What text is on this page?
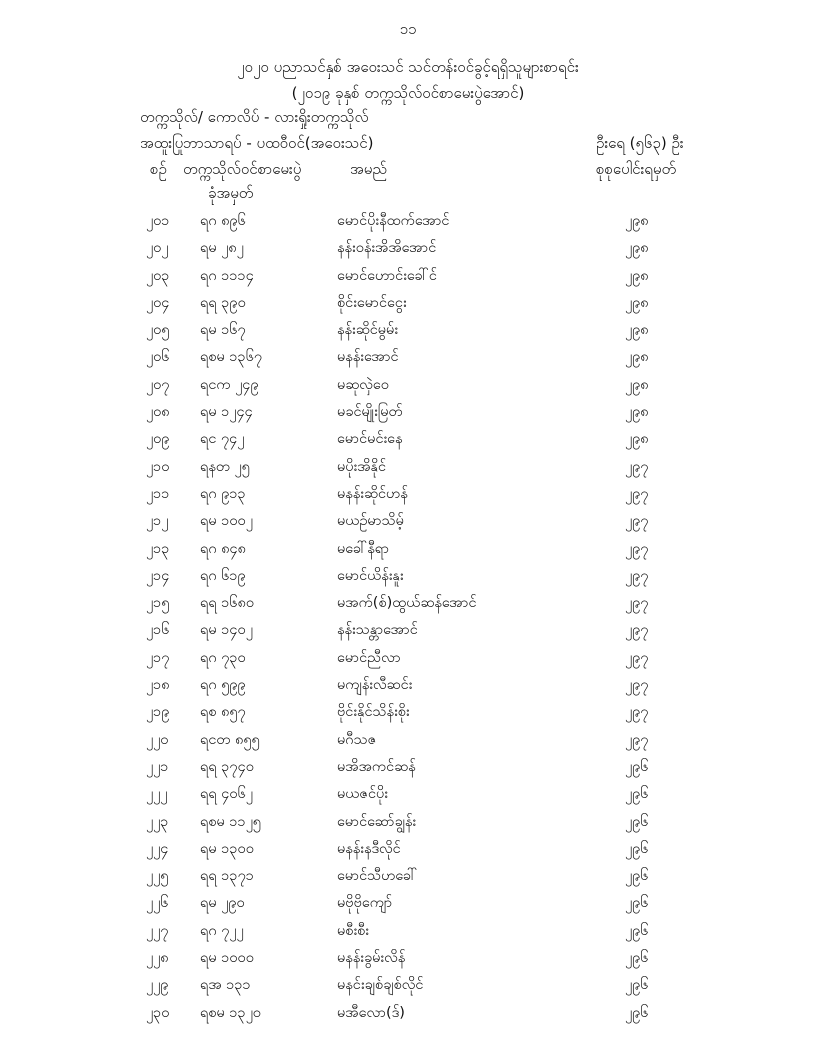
၁၁
၂၀၂၀ ပညာသင်နှစ် အဝေးသင် သင်တန်းဝင်ခွင့်ရရှိသူများစာရင်း
(၂၀၁၉ ခုနှစ် တက္ကသိုလ်ဝင်စာမေးပွဲအောင်)
တက္ကသိုလ်/ ကောလိပ် - လားရှိုးတက္ကသိုလ်
အထူးပြုဘာသာရပ် - ပထဝီဝင်(အဝေးသင်)	ဦးရေ (၅၆၃) ဦး
စဉ် တက္ကသိုလ်ဝင်စာမေးပွဲ
ခုံအမှတ်
အမည်	စုစုပေါင်းရမှတ်
၂၀၁ ရဂ ၈၉၆	မောင်ပိုးနီထက်အောင်	၂၉၈
၂၀၂ ရမ ၂၈၂	နန်းဝန်းအိအိအောင်	၂၉၈
၂၀၃ ရဂ ၁၁၁၄	မောင်ဟောင်းခေါ်င်	၂၉၈
၂၀၄ ရရ ၃၉၀	စိုင်းမောင်ငွေး	၂၉၈
၂၀၅ ရမ ၁၆၇	နန်းဆိုင်မွမ်း	၂၉၈
၂၀၆ ရစမ ၁၃၆၇	မနန်းအောင်	၂၉၈
၂၀၇ ရငက ၂၄၉	မဆုလှဲဝေ	၂၉၈
၂၀၈ ရမ ၁၂၄၄	မခင်မျိုးမြတ်	၂၉၈
၂၀၉ ရင ၇၄၂	မောင်မင်းနေ	၂၉၈
၂၁၀ ရနတ ၂၅	မပိုးအိနိုင်	၂၉၇
၂၁၁ ရဂ ၉၁၃	မနန်းဆိုင်ဟန်	၂၉၇
၂၁၂ ရမ ၁၀၀၂	မယဉ်မာသိမ့်	၂၉၇
၂၁၃ ရဂ ၈၄၈	မခေါ်နီရာ	၂၉၇
၂၁၄ ရဂ ၆၁၉	မောင်ယိန်းနူး	၂၉၇
၂၁၅ ရရ ၁၆၈၀	မအက်(စ်)ထွယ်ဆန်အောင်	၂၉၇
၂၁၆ ရမ ၁၄၀၂	နန်းသန္တာအောင်	၂၉၇
၂၁၇ ရဂ ၇၃၀	မောင်ညီလာ	၂၉၇
၂၁၈ ရဂ ၅၉၉	မကျန်းလီဆင်း	၂၉၇
၂၁၉ ရစ ၈၅၇	ဗိုင်းနိုင်သိန်းစိုး	၂၉၇
၂၂၀ ရငတ ၈၅၅	မဂီသဇ	၂၉၇
၂၂၁ ရရ ၃၇၄၀	မအိအကင်ဆန်	၂၉၆
၂၂၂ ရရ ၄၀၆၂	မယဇင်ပိုး	၂၉၆
၂၂၃ ရစမ ၁၁၂၅	မောင်ဆော်ချွန်း	၂၉၆
၂၂၄ ရမ ၁၃၀၀	မနန်းနဒီလိုင်	၂၉၆
၂၂၅ ရရ ၁၃၇၁	မောင်သီဟခေါ်	၂၉၆
၂၂၆ ရမ ၂၉၀	မဗိုဗိုကျော်	၂၉၆
၂၂၇ ရဂ ၇၂၂	မစီးစီး	၂၉၆
၂၂၈ ရမ ၁၀၀၀	မနန်းခွမ်းလိန်	၂၉၆
၂၂၉ ရအ ၁၃၁	မနင်းချစ်ချစ်လိုင်	၂၉၆
၂၃၀ ရစမ ၁၃၂၀	မအီလော(ဒ်)	၂၉၆
